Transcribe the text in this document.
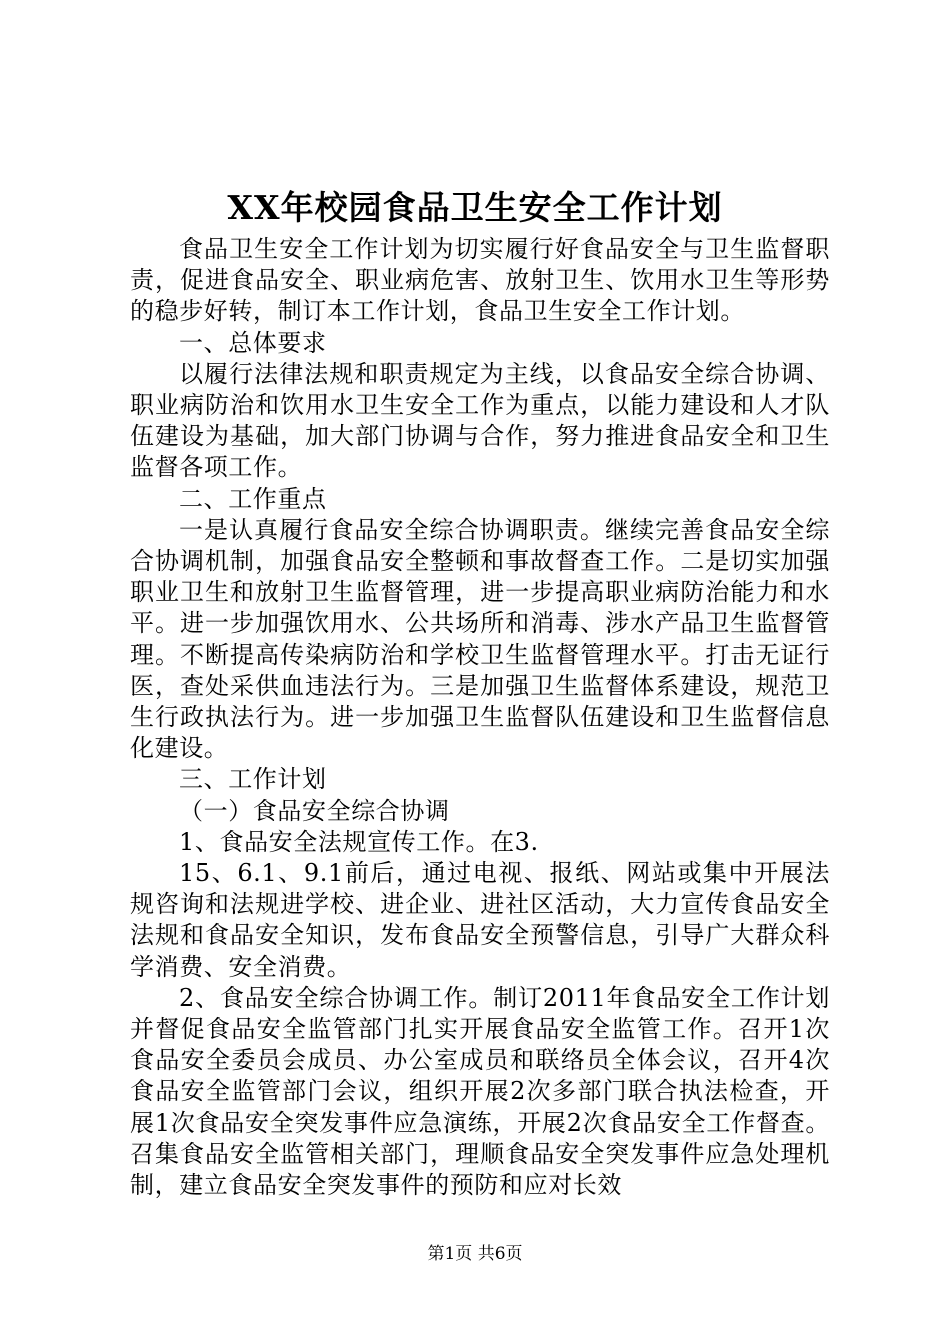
XX年校园食品卫生安全工作计划

食品卫生安全工作计划为切实履行好食品安全与卫生监督职责，促进食品安全、职业病危害、放射卫生、饮用水卫生等形势的稳步好转，制订本工作计划，食品卫生安全工作计划。

一、总体要求

以履行法律法规和职责规定为主线，以食品安全综合协调、职业病防治和饮用水卫生安全工作为重点，以能力建设和人才队伍建设为基础，加大部门协调与合作，努力推进食品安全和卫生监督各项工作。

二、工作重点

一是认真履行食品安全综合协调职责。继续完善食品安全综合协调机制，加强食品安全整顿和事故督查工作。二是切实加强职业卫生和放射卫生监督管理，进一步提高职业病防治能力和水平。进一步加强饮用水、公共场所和消毒、涉水产品卫生监督管理。不断提高传染病防治和学校卫生监督管理水平。打击无证行医，查处采供血违法行为。三是加强卫生监督体系建设，规范卫生行政执法行为。进一步加强卫生监督队伍建设和卫生监督信息化建设。

三、工作计划

（一）食品安全综合协调

1、食品安全法规宣传工作。在3.

15、6.1、9.1前后，通过电视、报纸、网站或集中开展法规咨询和法规进学校、进企业、进社区活动，大力宣传食品安全法规和食品安全知识，发布食品安全预警信息，引导广大群众科学消费、安全消费。

2、食品安全综合协调工作。制订2011年食品安全工作计划并督促食品安全监管部门扎实开展食品安全监管工作。召开1次食品安全委员会成员、办公室成员和联络员全体会议，召开4次食品安全监管部门会议，组织开展2次多部门联合执法检查，开展1次食品安全突发事件应急演练，开展2次食品安全工作督查。召集食品安全监管相关部门，理顺食品安全突发事件应急处理机制，建立食品安全突发事件的预防和应对长效

第1页 共6页
